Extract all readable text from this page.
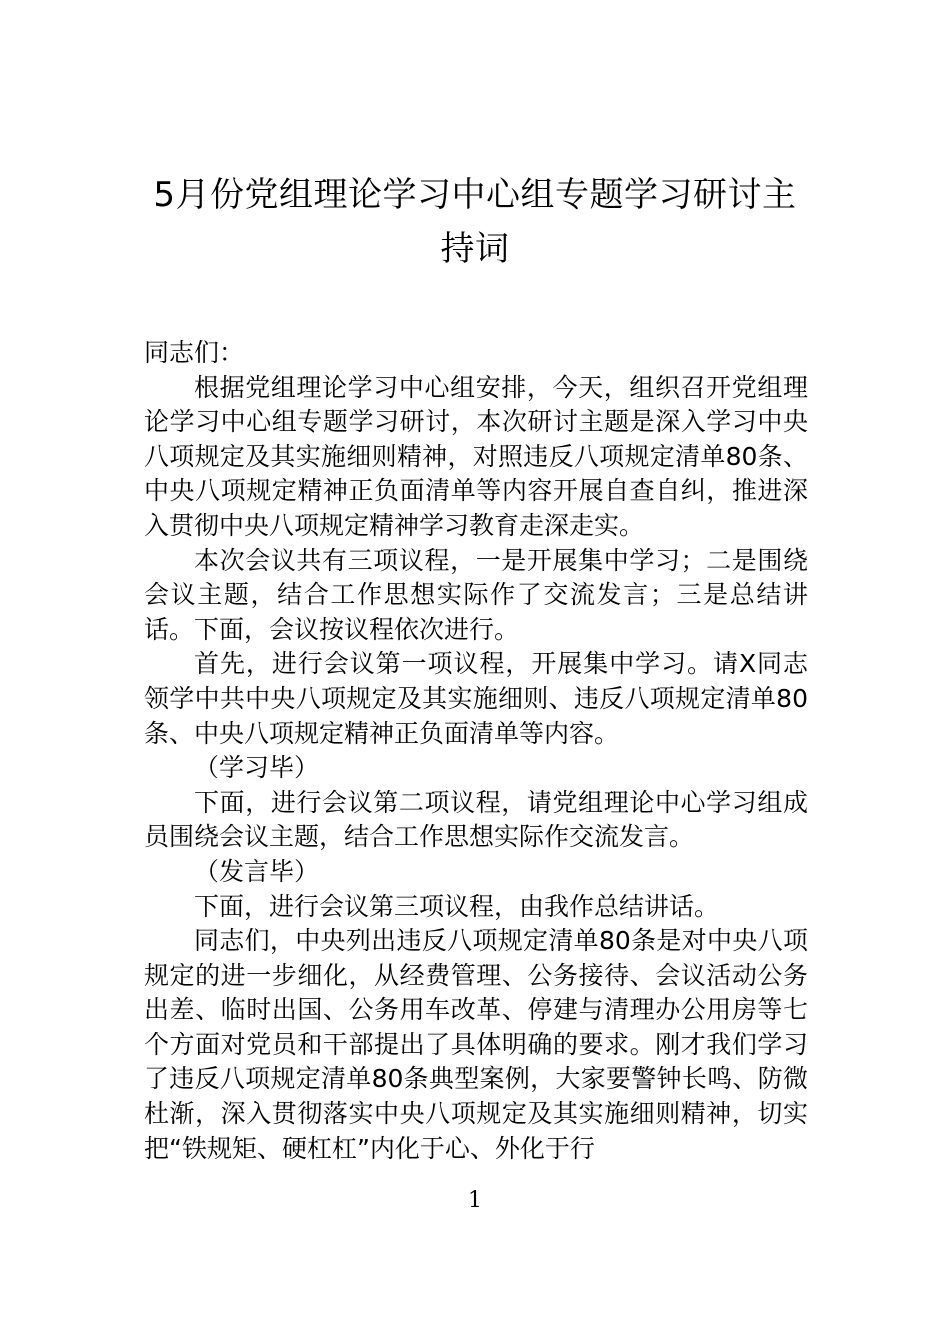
5月份党组理论学习中心组专题学习研讨主持词

同志们：

根据党组理论学习中心组安排，今天，组织召开党组理论学习中心组专题学习研讨，本次研讨主题是深入学习中央八项规定及其实施细则精神，对照违反八项规定清单80条、中央八项规定精神正负面清单等内容开展自查自纠，推进深入贯彻中央八项规定精神学习教育走深走实。

本次会议共有三项议程，一是开展集中学习；二是围绕会议主题，结合工作思想实际作了交流发言；三是总结讲话。下面，会议按议程依次进行。

首先，进行会议第一项议程，开展集中学习。请X同志领学中共中央八项规定及其实施细则、违反八项规定清单80条、中央八项规定精神正负面清单等内容。

（学习毕）

下面，进行会议第二项议程，请党组理论中心学习组成员围绕会议主题，结合工作思想实际作交流发言。

（发言毕）

下面，进行会议第三项议程，由我作总结讲话。

同志们，中央列出违反八项规定清单80条是对中央八项规定的进一步细化，从经费管理、公务接待、会议活动公务出差、临时出国、公务用车改革、停建与清理办公用房等七个方面对党员和干部提出了具体明确的要求。刚才我们学习了违反八项规定清单80条典型案例，大家要警钟长鸣、防微杜渐，深入贯彻落实中央八项规定及其实施细则精神，切实把“铁规矩、硬杠杠”内化于心、外化于行

1
